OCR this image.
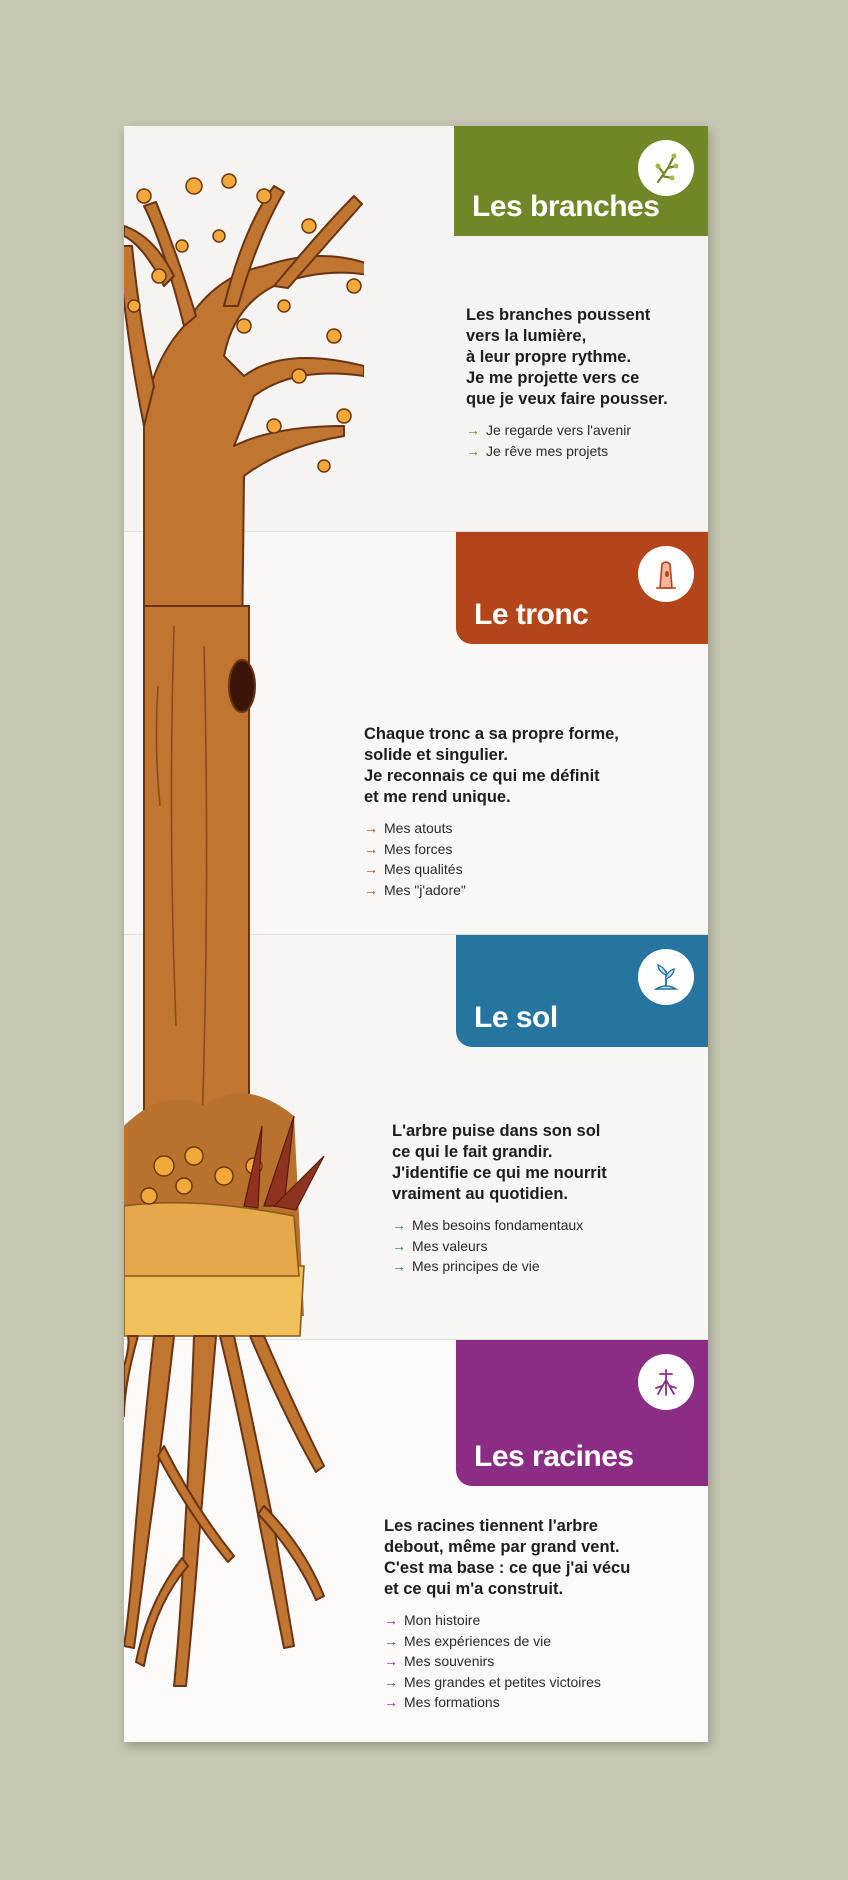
Les branches
Les branches poussent
vers la lumière,
à leur propre rythme.
Je me projette vers ce
que je veux faire pousser.
→ Je regarde vers l'avenir
→ Je rêve mes projets
Le tronc
Chaque tronc a sa propre forme,
solide et singulier.
Je reconnais ce qui me définit
et me rend unique.
→ Mes atouts
→ Mes forces
→ Mes qualités
→ Mes "j'adore"
Le sol
L'arbre puise dans son sol
ce qui le fait grandir.
J'identifie ce qui me nourrit
vraiment au quotidien.
→ Mes besoins fondamentaux
→ Mes valeurs
→ Mes principes de vie
Les racines
Les racines tiennent l'arbre
debout, même par grand vent.
C'est ma base : ce que j'ai vécu
et ce qui m'a construit.
→ Mon histoire
→ Mes expériences de vie
→ Mes souvenirs
→ Mes grandes et petites victoires
→ Mes formations
